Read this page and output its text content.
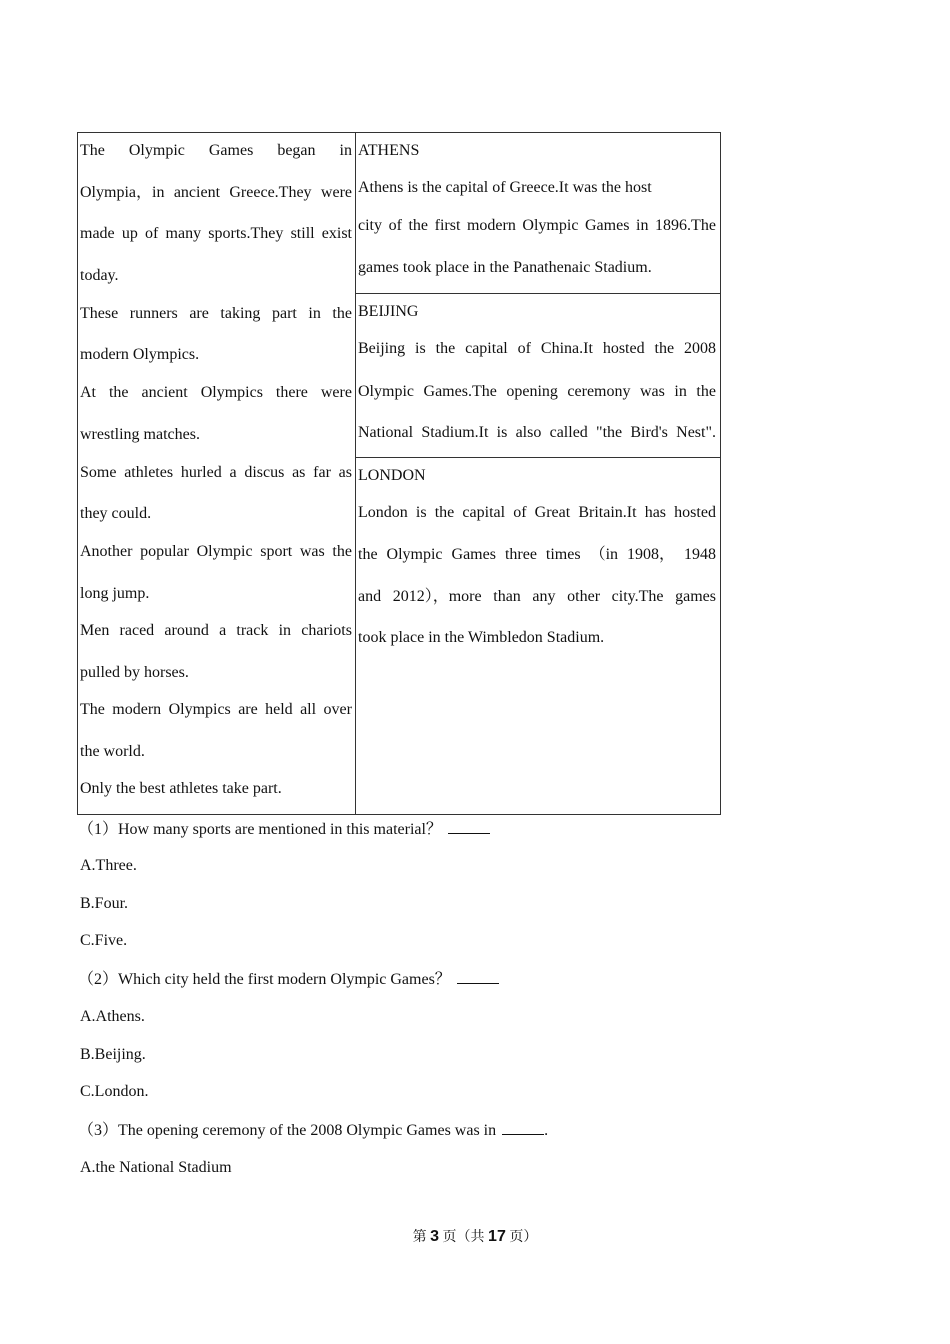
The Olympic Games began in
Olympia，in ancient Greece.They were
made up of many sports.They still exist
today.
These runners are taking part in the
modern Olympics.
At the ancient Olympics there were
wrestling matches.
Some athletes hurled a discus as far as
they could.
Another popular Olympic sport was the
long jump.
Men raced around a track in chariots
pulled by horses.
The modern Olympics are held all over
the world.
Only the best athletes take part.

ATHENS
Athens is the capital of Greece.It was the host
city of the first modern Olympic Games in 1896.The
games took place in the Panathenaic Stadium.

BEIJING
Beijing is the capital of China.It hosted the 2008
Olympic Games.The opening ceremony was in the
National Stadium.It is also called "the Bird's Nest".

LONDON
London is the capital of Great Britain.It has hosted
the Olympic Games three times （in 1908， 1948
and 2012），more than any other city.The games
took place in the Wimbledon Stadium.
（1）How many sports are mentioned in this material？
A.Three.
B.Four.
C.Five.
（2）Which city held the first modern Olympic Games？
A.Athens.
B.Beijing.
C.London.
（3）The opening ceremony of the 2008 Olympic Games was in	.
A.the National Stadium
第 3 页（共 17 页）
